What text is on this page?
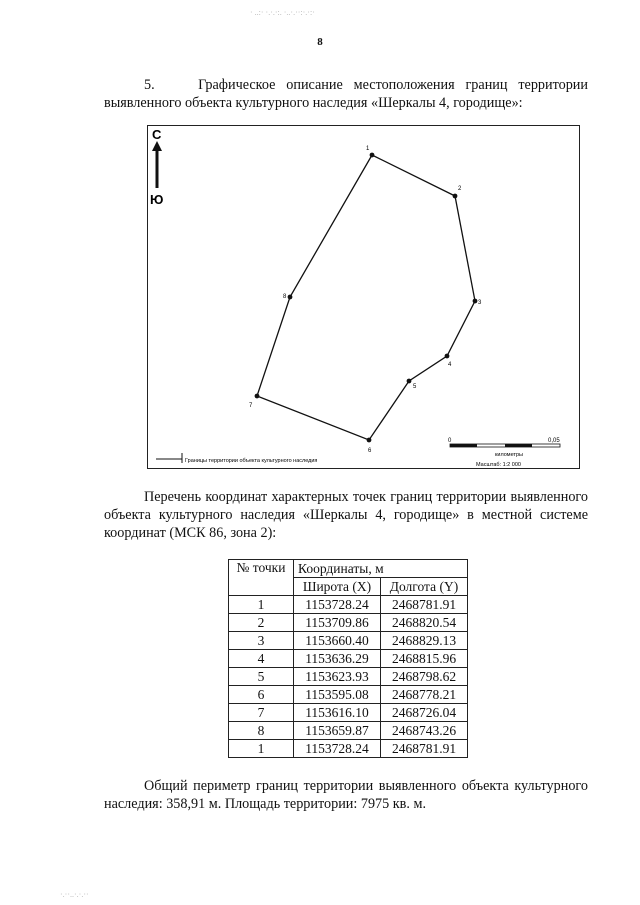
· ..:· ·.·.·:. ·..·.··:·.·:·
8
5.	Графическое описание местоположения границ территории выявленного объекта культурного наследия «Шеркалы 4, городище»:
С
Ю
1
2
3
4
5
6
7
8
Границы территории объекта культурного наследия
0	0,05
километры
Масштаб: 1:2 000
Перечень координат характерных точек границ территории выявленного объекта культурного наследия «Шеркалы 4, городище» в местной системе координат (МСК 86, зона 2):
№ точки	Координаты, м	
	Широта (X)	Долгота (Y)
1	1153728.24	2468781.91
2	1153709.86	2468820.54
3	1153660.40	2468829.13
4	1153636.29	2468815.96
5	1153623.93	2468798.62
6	1153595.08	2468778.21
7	1153616.10	2468726.04
8	1153659.87	2468743.26
1	1153728.24	2468781.91
Общий периметр границ территории выявленного объекта культурного наследия: 358,91 м. Площадь территории: 7975 кв. м.
·.··..·.·.··
